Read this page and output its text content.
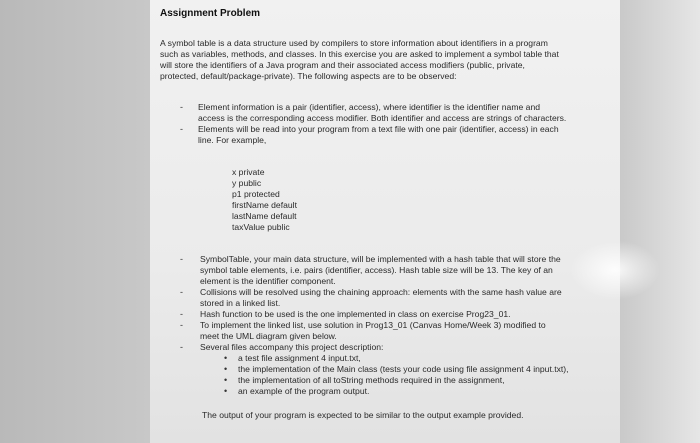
Assignment Problem
A symbol table is a data structure used by compilers to store information about identifiers in a program
such as variables, methods, and classes. In this exercise you are asked to implement a symbol table that
will store the identifiers of a Java program and their associated access modifiers (public, private,
protected, default/package-private). The following aspects are to be observed:
-
-
Element information is a pair (identifier, access), where identifier is the identifier name and
access is the corresponding access modifier. Both identifier and access are strings of characters.
Elements will be read into your program from a text file with one pair (identifier, access) in each
line. For example,
x private
y public
p1 protected
firstName default
lastName default
taxValue public
-
-
-
-
-
SymbolTable, your main data structure, will be implemented with a hash table that will store the
symbol table elements, i.e. pairs (identifier, access). Hash table size will be 13. The key of an
element is the identifier component.
Collisions will be resolved using the chaining approach: elements with the same hash value are
stored in a linked list.
Hash function to be used is the one implemented in class on exercise Prog23_01.
To implement the linked list, use solution in Prog13_01 (Canvas Home/Week 3) modified to
meet the UML diagram given below.
Several files accompany this project description:
•
•
•
•
a test file assignment 4 input.txt,
the implementation of the Main class (tests your code using file assignment 4 input.txt),
the implementation of all toString methods required in the assignment,
an example of the program output.
The output of your program is expected to be similar to the output example provided.
